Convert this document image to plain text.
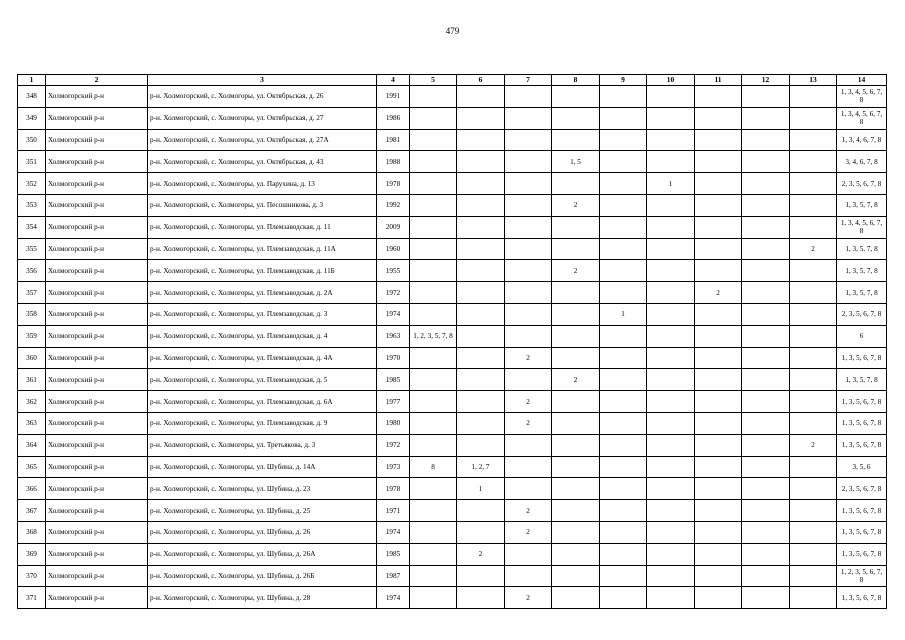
479
1	2	3	4	5	6	7	8	9	10	11	12	13	14
348	Холмогорский р-н	р-н. Холмогорский, с. Холмогоры, ул. Октябрьская, д. 26	1991										1, 3, 4, 5, 6, 7, 8
349	Холмогорский р-н	р-н. Холмогорский, с. Холмогоры, ул. Октябрьская, д. 27	1986										1, 3, 4, 5, 6, 7, 8
350	Холмогорский р-н	р-н. Холмогорский, с. Холмогоры, ул. Октябрьская, д. 27А	1981										1, 3, 4, 6, 7, 8
351	Холмогорский р-н	р-н. Холмогорский, с. Холмогоры, ул. Октябрьская, д. 43	1988				1, 5						3, 4, 6, 7, 8
352	Холмогорский р-н	р-н. Холмогорский, с. Холмогоры, ул. Парухина, д. 13	1978						1				2, 3, 5, 6, 7, 8
353	Холмогорский р-н	р-н. Холмогорский, с. Холмогоры, ул. Песошникова, д. 3	1992				2						1, 3, 5, 7, 8
354	Холмогорский р-н	р-н. Холмогорский, с. Холмогоры, ул. Племзаводская, д. 11	2009										1, 3, 4, 5, 6, 7, 8
355	Холмогорский р-н	р-н. Холмогорский, с. Холмогоры, ул. Племзаводская, д. 11А	1960									2	1, 3, 5, 7, 8
356	Холмогорский р-н	р-н. Холмогорский, с. Холмогоры, ул. Племзаводская, д. 11Б	1955				2						1, 3, 5, 7, 8
357	Холмогорский р-н	р-н. Холмогорский, с. Холмогоры, ул. Племзаводская, д. 2А	1972							2			1, 3, 5, 7, 8
358	Холмогорский р-н	р-н. Холмогорский, с. Холмогоры, ул. Племзаводская, д. 3	1974					1					2, 3, 5, 6, 7, 8
359	Холмогорский р-н	р-н. Холмогорский, с. Холмогоры, ул. Племзаводская, д. 4	1963	1, 2, 3, 5, 7, 8									6
360	Холмогорский р-н	р-н. Холмогорский, с. Холмогоры, ул. Племзаводская, д. 4А	1970			2							1, 3, 5, 6, 7, 8
361	Холмогорский р-н	р-н. Холмогорский, с. Холмогоры, ул. Племзаводская, д. 5	1985				2						1, 3, 5, 7, 8
362	Холмогорский р-н	р-н. Холмогорский, с. Холмогоры, ул. Племзаводская, д. 6А	1977			2							1, 3, 5, 6, 7, 8
363	Холмогорский р-н	р-н. Холмогорский, с. Холмогоры, ул. Племзаводская, д. 9	1980			2							1, 3, 5, 6, 7, 8
364	Холмогорский р-н	р-н. Холмогорский, с. Холмогоры, ул. Третьякова, д. 3	1972									2	1, 3, 5, 6, 7, 8
365	Холмогорский р-н	р-н. Холмогорский, с. Холмогоры, ул. Шубина, д. 14А	1973	8	1, 2, 7								3, 5, 6
366	Холмогорский р-н	р-н. Холмогорский, с. Холмогоры, ул. Шубина, д. 23	1978		1								2, 3, 5, 6, 7, 8
367	Холмогорский р-н	р-н. Холмогорский, с. Холмогоры, ул. Шубина, д. 25	1971			2							1, 3, 5, 6, 7, 8
368	Холмогорский р-н	р-н. Холмогорский, с. Холмогоры, ул. Шубина, д. 26	1974			2							1, 3, 5, 6, 7, 8
369	Холмогорский р-н	р-н. Холмогорский, с. Холмогоры, ул. Шубина, д. 26А	1985		2								1, 3, 5, 6, 7, 8
370	Холмогорский р-н	р-н. Холмогорский, с. Холмогоры, ул. Шубина, д. 26Б	1987										1, 2, 3, 5, 6, 7, 8
371	Холмогорский р-н	р-н. Холмогорский, с. Холмогоры, ул. Шубина, д. 28	1974			2							1, 3, 5, 6, 7, 8
